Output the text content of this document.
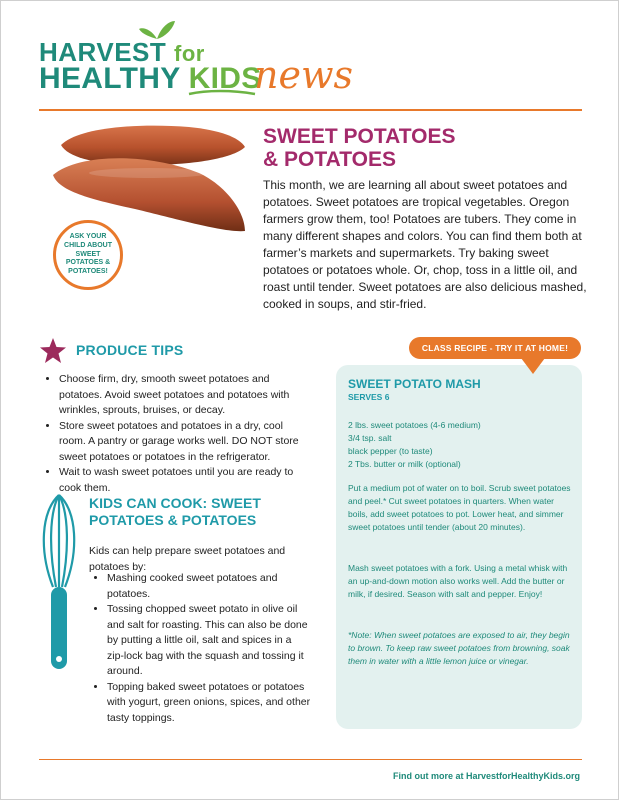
HARVEST for
HEALTHY KIDS
news
ASK YOUR CHILD ABOUT SWEET POTATOES & POTATOES!
SWEET POTATOES
& POTATOES

This month, we are learning all about sweet potatoes and potatoes. Sweet potatoes are tropical vegetables. Oregon farmers grow them, too! Potatoes are tubers. They come in many different shapes and colors. You can find them both at farmer’s markets and supermarkets. Try baking sweet potatoes or potatoes whole. Or, chop, toss in a little oil, and roast until tender. Sweet potatoes are also delicious mashed, cooked in soups, and stir-fried.

PRODUCE TIPS
• Choose firm, dry, smooth sweet potatoes and potatoes. Avoid sweet potatoes and potatoes with wrinkles, sprouts, bruises, or decay.
• Store sweet potatoes and potatoes in a dry, cool room. A pantry or garage works well. DO NOT store sweet potatoes or potatoes in the refrigerator.
• Wait to wash sweet potatoes until you are ready to cook them.
KIDS CAN COOK: SWEET POTATOES & POTATOES

Kids can help prepare sweet potatoes and potatoes by:

• Mashing cooked sweet potatoes and potatoes.
• Tossing chopped sweet potato in olive oil and salt for roasting. This can also be done by putting a little oil, salt and spices in a zip-lock bag with the squash and tossing it around.
• Topping baked sweet potatoes or potatoes with yogurt, green onions, spices, and other tasty toppings.
CLASS RECIPE - TRY IT AT HOME!
SWEET POTATO MASH
SERVES 6
2 lbs. sweet potatoes (4-6 medium)
3/4 tsp. salt
black pepper (to taste)
2 Tbs. butter or milk (optional)

Put a medium pot of water on to boil. Scrub sweet potatoes and peel.* Cut sweet potatoes in quarters. When water boils, add sweet potatoes to pot. Lower heat, and simmer sweet potatoes until tender (about 20 minutes).

Mash sweet potatoes with a fork. Using a metal whisk with an up-and-down motion also works well. Add the butter or milk, if desired. Season with salt and pepper. Enjoy!

*Note: When sweet potatoes are exposed to air, they begin to brown. To keep raw sweet potatoes from browning, soak them in water with a little lemon juice or vinegar.

Find out more at HarvestforHealthyKids.org
